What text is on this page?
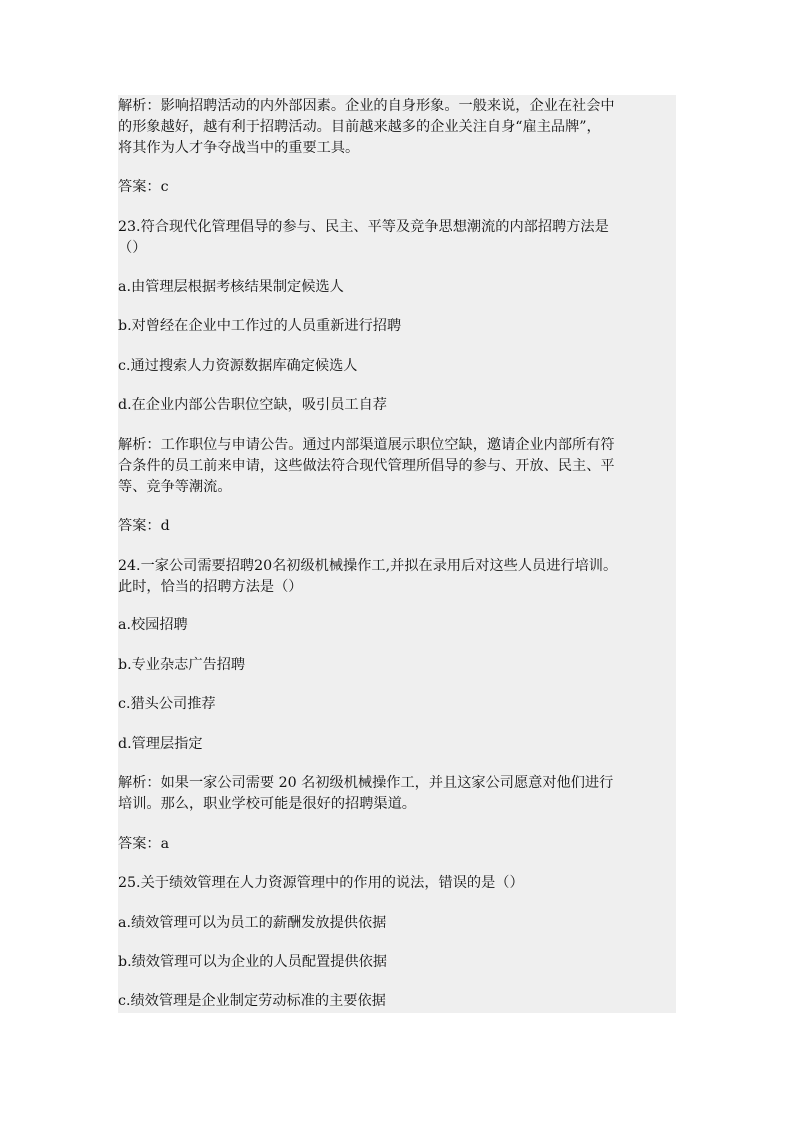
解析：影响招聘活动的内外部因素。企业的自身形象。一般来说，企业在社会中
的形象越好，越有利于招聘活动。目前越来越多的企业关注自身“雇主品牌”，
将其作为人才争夺战当中的重要工具。
答案：c
23.符合现代化管理倡导的参与、民主、平等及竞争思想潮流的内部招聘方法是
（）
a.由管理层根据考核结果制定候选人
b.对曾经在企业中工作过的人员重新进行招聘
c.通过搜索人力资源数据库确定候选人
d.在企业内部公告职位空缺，吸引员工自荐
解析：工作职位与申请公告。通过内部渠道展示职位空缺，邀请企业内部所有符
合条件的员工前来申请，这些做法符合现代管理所倡导的参与、开放、民主、平
等、竞争等潮流。
答案：d
24.一家公司需要招聘20名初级机械操作工,并拟在录用后对这些人员进行培训。
此时，恰当的招聘方法是（）
a.校园招聘
b.专业杂志广告招聘
c.猎头公司推荐
d.管理层指定
解析：如果一家公司需要 20 名初级机械操作工，并且这家公司愿意对他们进行
培训。那么，职业学校可能是很好的招聘渠道。
答案：a
25.关于绩效管理在人力资源管理中的作用的说法，错误的是（）
a.绩效管理可以为员工的薪酬发放提供依据
b.绩效管理可以为企业的人员配置提供依据
c.绩效管理是企业制定劳动标准的主要依据
